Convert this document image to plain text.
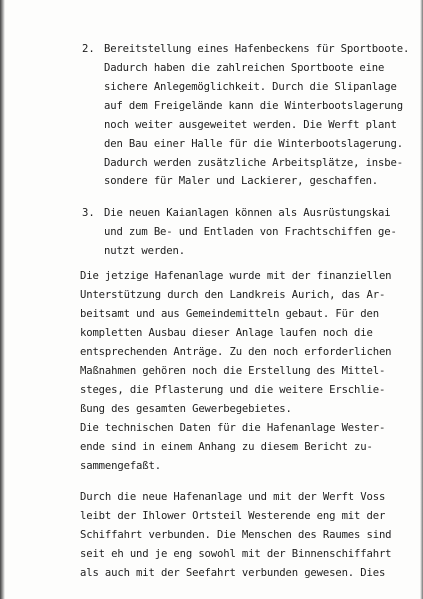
2. Bereitstellung eines Hafenbeckens für Sportboote.
Dadurch haben die zahlreichen Sportboote eine
sichere Anlegemöglichkeit. Durch die Slipanlage
auf dem Freigelände kann die Winterbootslagerung
noch weiter ausgeweitet werden. Die Werft plant
den Bau einer Halle für die Winterbootslagerung.
Dadurch werden zusätzliche Arbeitsplätze, insbe-
sondere für Maler und Lackierer, geschaffen.
3. Die neuen Kaianlagen können als Ausrüstungskai
und zum Be- und Entladen von Frachtschiffen ge-
nutzt werden.
Die jetzige Hafenanlage wurde mit der finanziellen
Unterstützung durch den Landkreis Aurich, das Ar-
beitsamt und aus Gemeindemitteln gebaut. Für den
kompletten Ausbau dieser Anlage laufen noch die
entsprechenden Anträge. Zu den noch erforderlichen
Maßnahmen gehören noch die Erstellung des Mittel-
steges, die Pflasterung und die weitere Erschlie-
ßung des gesamten Gewerbegebietes.
Die technischen Daten für die Hafenanlage Wester-
ende sind in einem Anhang zu diesem Bericht zu-
sammengefaßt.
Durch die neue Hafenanlage und mit der Werft Voss
leibt der Ihlower Ortsteil Westerende eng mit der
Schiffahrt verbunden. Die Menschen des Raumes sind
seit eh und je eng sowohl mit der Binnenschiffahrt
als auch mit der Seefahrt verbunden gewesen. Dies
